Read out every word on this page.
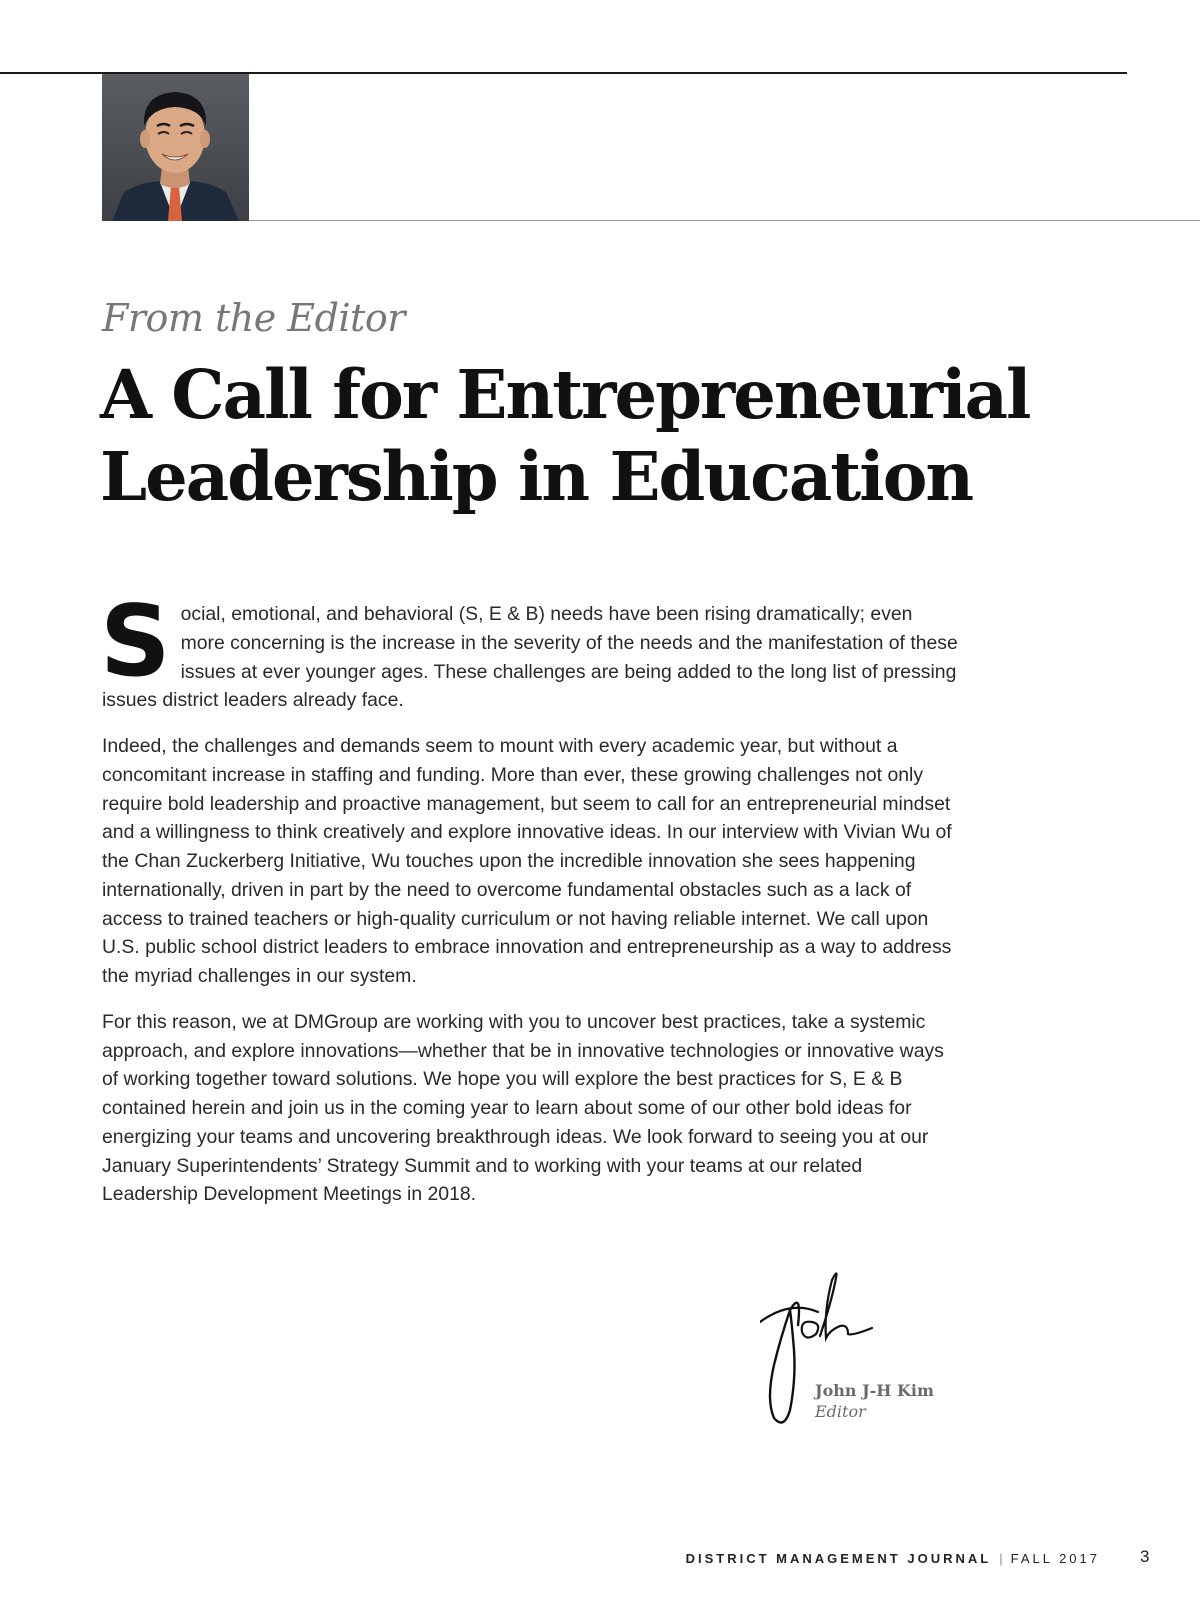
From the Editor
A Call for Entrepreneurial
Leadership in Education

Social, emotional, and behavioral (S, E & B) needs have been rising dramatically; even more concerning is the increase in the severity of the needs and the manifestation of these issues at ever younger ages. These challenges are being added to the long list of pressing issues district leaders already face.

Indeed, the challenges and demands seem to mount with every academic year, but without a concomitant increase in staffing and funding. More than ever, these growing challenges not only require bold leadership and proactive management, but seem to call for an entrepreneurial mindset and a willingness to think creatively and explore innovative ideas. In our interview with Vivian Wu of the Chan Zuckerberg Initiative, Wu touches upon the incredible innovation she sees happening internationally, driven in part by the need to overcome fundamental obstacles such as a lack of access to trained teachers or high-quality curriculum or not having reliable internet. We call upon U.S. public school district leaders to embrace innovation and entrepreneurship as a way to address the myriad challenges in our system.

For this reason, we at DMGroup are working with you to uncover best practices, take a systemic approach, and explore innovations—whether that be in innovative technologies or innovative ways of working together toward solutions. We hope you will explore the best practices for S, E & B contained herein and join us in the coming year to learn about some of our other bold ideas for energizing your teams and uncovering breakthrough ideas. We look forward to seeing you at our January Superintendents’ Strategy Summit and to working with your teams at our related Leadership Development Meetings in 2018.

John J-H Kim
Editor
DISTRICT MANAGEMENT JOURNAL | FALL 2017 3
